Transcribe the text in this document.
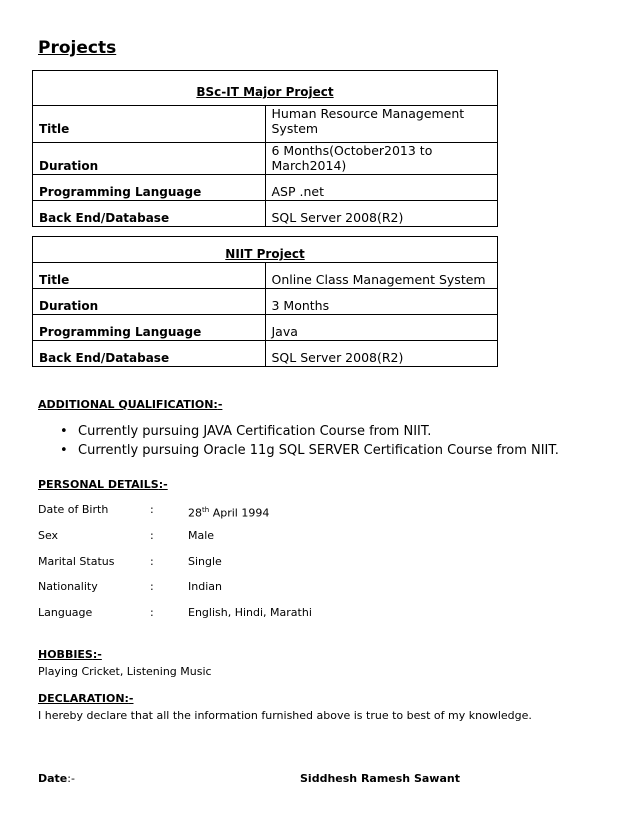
Projects
BSc-IT Major Project	
Title	Human Resource Management System
Duration	6 Months(October2013 to March2014)
Programming Language	ASP .net
Back End/Database	SQL Server 2008(R2)
NIIT Project	
Title	Online Class Management System
Duration	3 Months
Programming Language	Java
Back End/Database	SQL Server 2008(R2)
ADDITIONAL QUALIFICATION:-
• Currently pursuing JAVA Certification Course from NIIT.
• Currently pursuing Oracle 11g SQL SERVER Certification Course from NIIT.
PERSONAL DETAILS:-
Date of Birth	:	28th April 1994
Sex	:	Male
Marital Status	:	Single
Nationality	:	Indian
Language	:	English, Hindi, Marathi
HOBBIES:-
Playing Cricket, Listening Music
DECLARATION:-
I hereby declare that all the information furnished above is true to best of my knowledge.
Date:-	Siddhesh Ramesh Sawant
